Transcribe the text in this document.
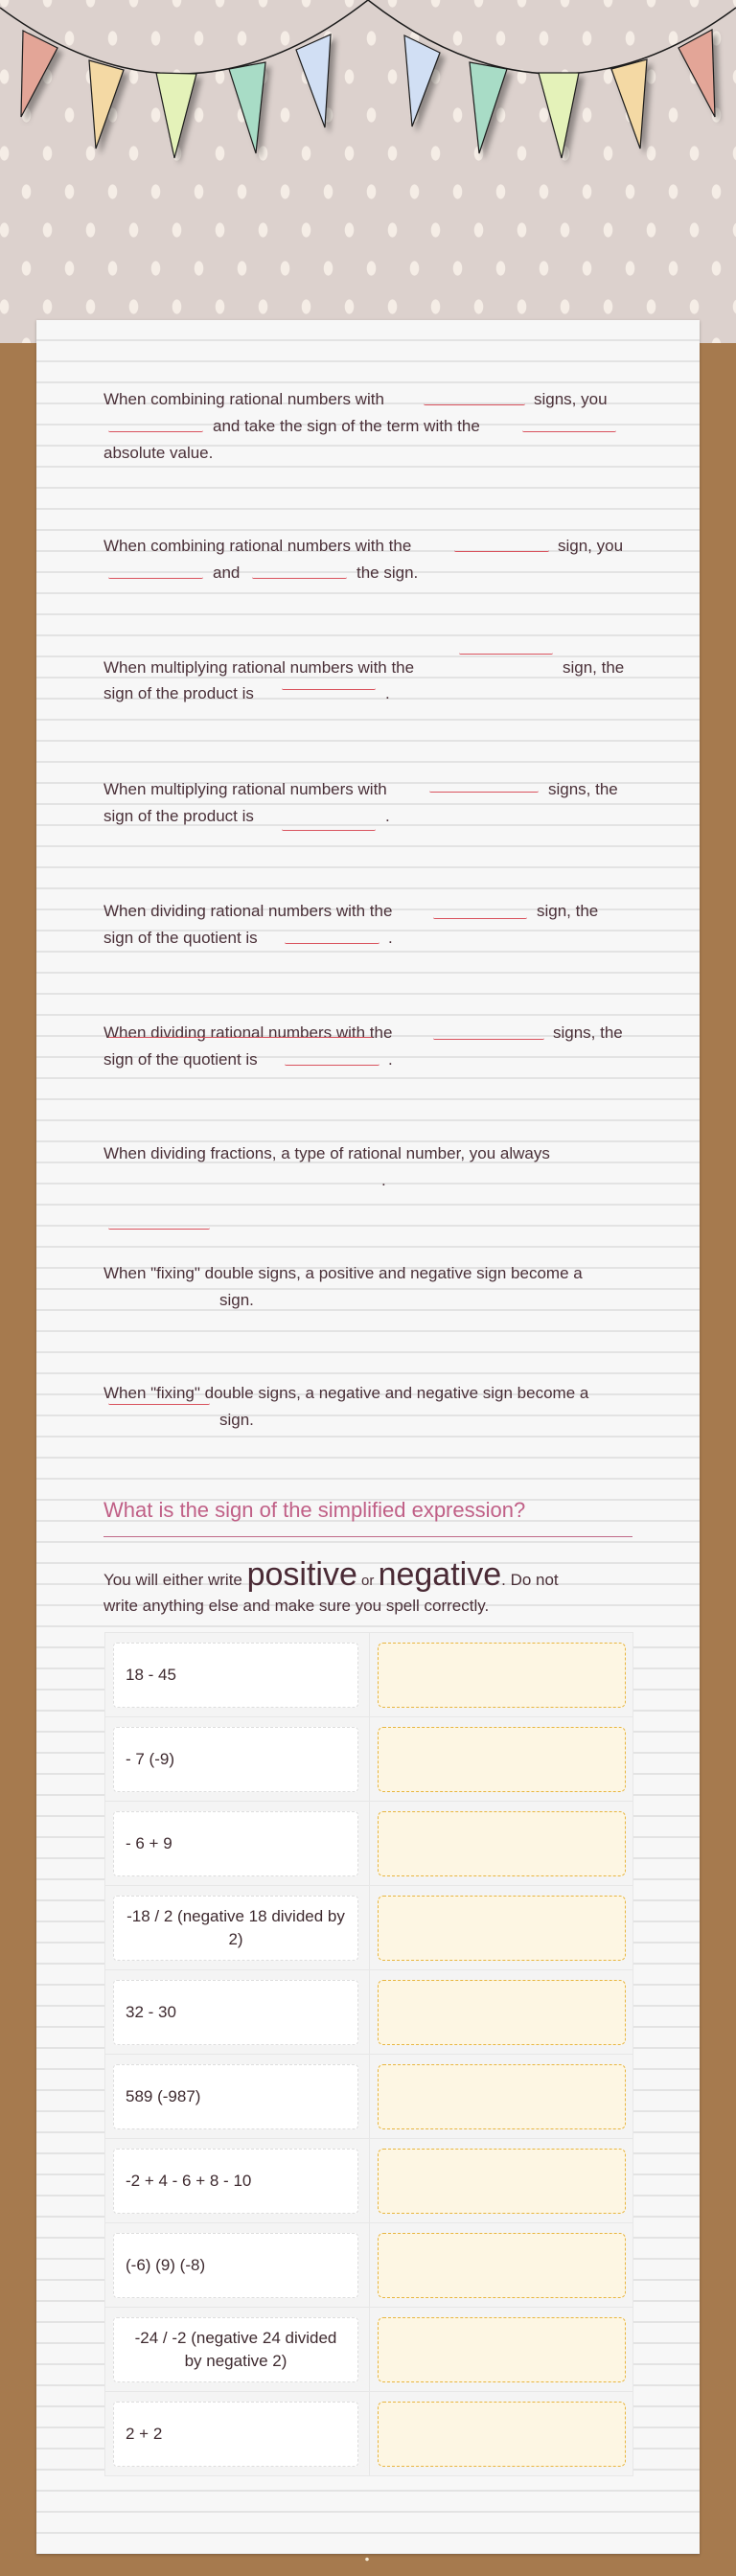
When combining rational numbers with	signs, you
and take the sign of the term with the
absolute value.
When combining rational numbers with the	sign, you
and	the sign.
When multiplying rational numbers with the	sign, the
sign of the product is	.
When multiplying rational numbers with	signs, the
sign of the product is	.
When dividing rational numbers with the	sign, the
sign of the quotient is	.
When dividing rational numbers with the	signs, the
sign of the quotient is	.
When dividing fractions, a type of rational number, you always
.
When "fixing" double signs, a positive and negative sign become a
sign.
When "fixing" double signs, a negative and negative sign become a
sign.
What is the sign of the simplified expression?
You will either write positive or negative. Do not
write anything else and make sure you spell correctly.
18 - 45
- 7 (-9)
- 6 + 9
-18 / 2 (negative 18 divided by 2)
32 - 30
589 (-987)
-2 + 4 - 6 + 8 - 10
(-6) (9) (-8)
-24 / -2 (negative 24 divided by negative 2)
2 + 2
